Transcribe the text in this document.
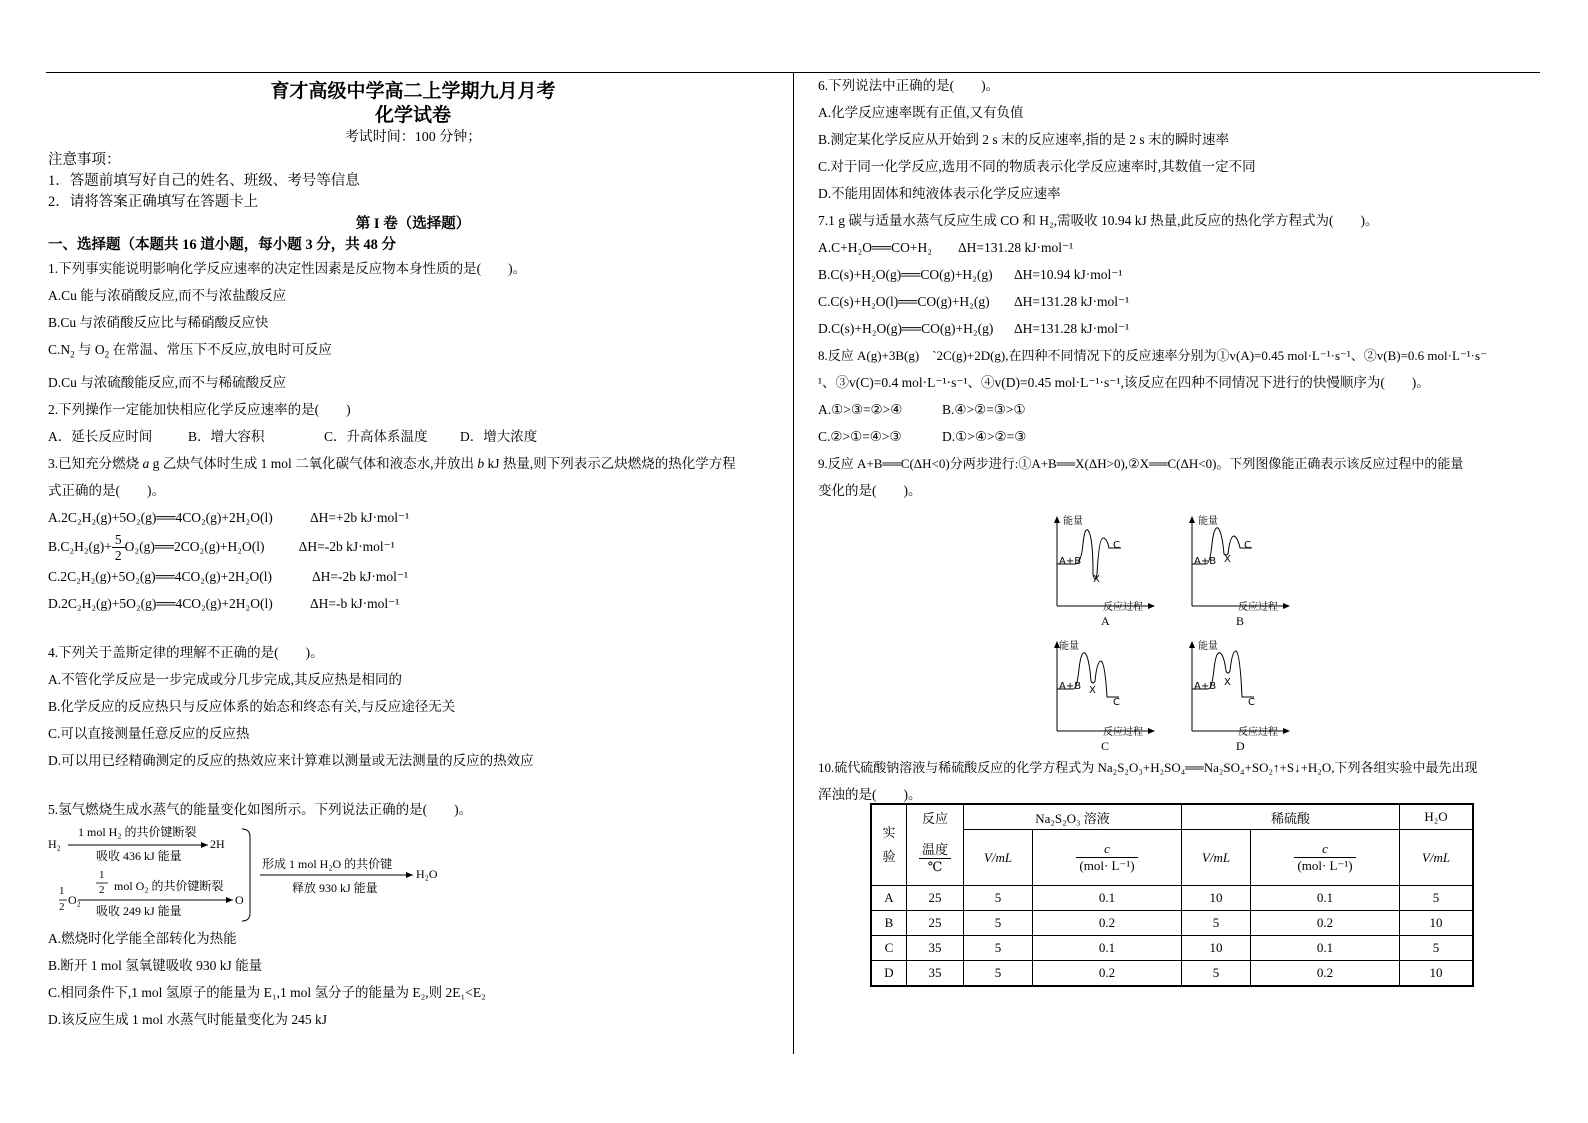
育才高级中学高二上学期九月月考
化学试卷
考试时间：100 分钟；
注意事项：
1．答题前填写好自己的姓名、班级、考号等信息
2．请将答案正确填写在答题卡上
第 I 卷（选择题）
一、选择题（本题共 16 道小题，每小题 3 分，共 48 分
1.下列事实能说明影响化学反应速率的决定性因素是反应物本身性质的是(　　)。
A.Cu 能与浓硝酸反应,而不与浓盐酸反应
B.Cu 与浓硝酸反应比与稀硝酸反应快
$C.N_2$ 与 $O_2$ 在常温、常压下不反应,放电时可反应
D.Cu 与浓硫酸能反应,而不与稀硫酸反应
2.下列操作一定能加快相应化学反应速率的是(　　)
A．延长反应时间	B．增大容积	C．升高体系温度 D．增大浓度
3.已知充分燃烧 a g 乙炔气体时生成 1 mol 二氧化碳气体和液态水,并放出 b kJ 热量,则下列表示乙炔燃烧的热化学方程
式正确的是(　　)。
A.2C₂H₂(g)+5O₂(g)══4CO₂(g)+2H₂O(l)	ΔH=+2b kJ·mol⁻¹
$B.C_2H_2(g)+ \frac{5}{2}$ O₂(g)══2CO₂(g)+H₂O(l)	ΔH=-2b kJ·mol⁻¹
C.2C₂H₂(g)+5O₂(g)══4CO₂(g)+2H₂O(l)	ΔH=-2b kJ·mol⁻¹
D.2C₂H₂(g)+5O₂(g)══4CO₂(g)+2H₂O(l)	ΔH=-b kJ·mol⁻¹
4.下列关于盖斯定律的理解不正确的是(　　)。
A.不管化学反应是一步完成或分几步完成,其反应热是相同的
B.化学反应的反应热只与反应体系的始态和终态有关,与反应途径无关
C.可以直接测量任意反应的反应热
D.可以用已经精确测定的反应的热效应来计算难以测量或无法测量的反应的热效应
5.氢气燃烧生成水蒸气的能量变化如图所示。下列说法正确的是(　　)。
H₂
1 mol H₂ 的共价键断裂
吸收 436 kJ 能量
2H
1
2 O₂
1
2 mol O₂ 的共价键断裂
吸收 249 kJ 能量
O
形成 1 mol H₂O 的共价键
释放 930 kJ 能量
H₂O
A.燃烧时化学能全部转化为热能
B.断开 1 mol 氢氧键吸收 930 kJ 能量
C.相同条件下,1 mol 氢原子的能量为 E₁,1 mol 氢分子的能量为 E₂,则 2E₁<E₂
D.该反应生成 1 mol 水蒸气时能量变化为 245 kJ
6.下列说法中正确的是(　　)。
A.化学反应速率既有正值,又有负值
B.测定某化学反应从开始到 2 s 末的反应速率,指的是 2 s 末的瞬时速率
C.对于同一化学反应,选用不同的物质表示化学反应速率时,其数值一定不同
D.不能用固体和纯液体表示化学反应速率
7.1 g 碳与适量水蒸气反应生成 CO 和 H₂,需吸收 10.94 kJ 热量,此反应的热化学方程式为(　　)。
A.C+H₂O══CO+H₂ ΔH=131.28 kJ·mol⁻¹
B.C(s)+H₂O(g)══CO(g)+H₂(g) ΔH=10.94 kJ·mol⁻¹
C.C(s)+H₂O(l)══CO(g)+H₂(g) ΔH=131.28 kJ·mol⁻¹
D.C(s)+H₂O(g)══CO(g)+H₂(g) ΔH=131.28 kJ·mol⁻¹
8.反应 A(g)+3B(g)　`2C(g)+2D(g),在四种不同情况下的反应速率分别为①v(A)=0.45 mol·L⁻¹·s⁻¹、②v(B)=0.6 mol·L⁻¹·s⁻
¹、③v(C)=0.4 mol·L⁻¹·s⁻¹、④v(D)=0.45 mol·L⁻¹·s⁻¹,该反应在四种不同情况下进行的快慢顺序为(　　)。
A.①>③=②>④	B.④>②=③>①
C.②>①=④>③	D.①>④>②=③
9.反应 A+B══C(ΔH<0)分两步进行:①A+B══X(ΔH>0),②X══C(ΔH<0)。下列图像能正确表示该反应过程中的能量
变化的是(　　)。
能量
A+B
X
C
反应过程
A
能量
A+B X
C
反应过程
B
能量
A+B X
C
反应过程
C
能量
A+B X
C
反应过程
D
10.硫代硫酸钠溶液与稀硫酸反应的化学方程式为 Na₂S₂O₃+H₂SO₄══Na₂SO₄+SO₂↑+S↓+H₂O,下列各组实验中最先出现
浑浊的是(　　)。
实
验	反应	Na₂S₂O₃ 溶液		稀硫酸		H₂O

	$\frac{\text{温度}}{℃}$	V/mL	$\frac{c}{\text{(mol· L⁻¹)}}$	V/mL	$\frac{c}{\text{(mol· L⁻¹)}}$	V/mL
A	25	5	0.1	10	0.1	5
B	25	5	0.2	5	0.2	10
C	35	5	0.1	10	0.1	5
D	35	5	0.2	5	0.2	10
